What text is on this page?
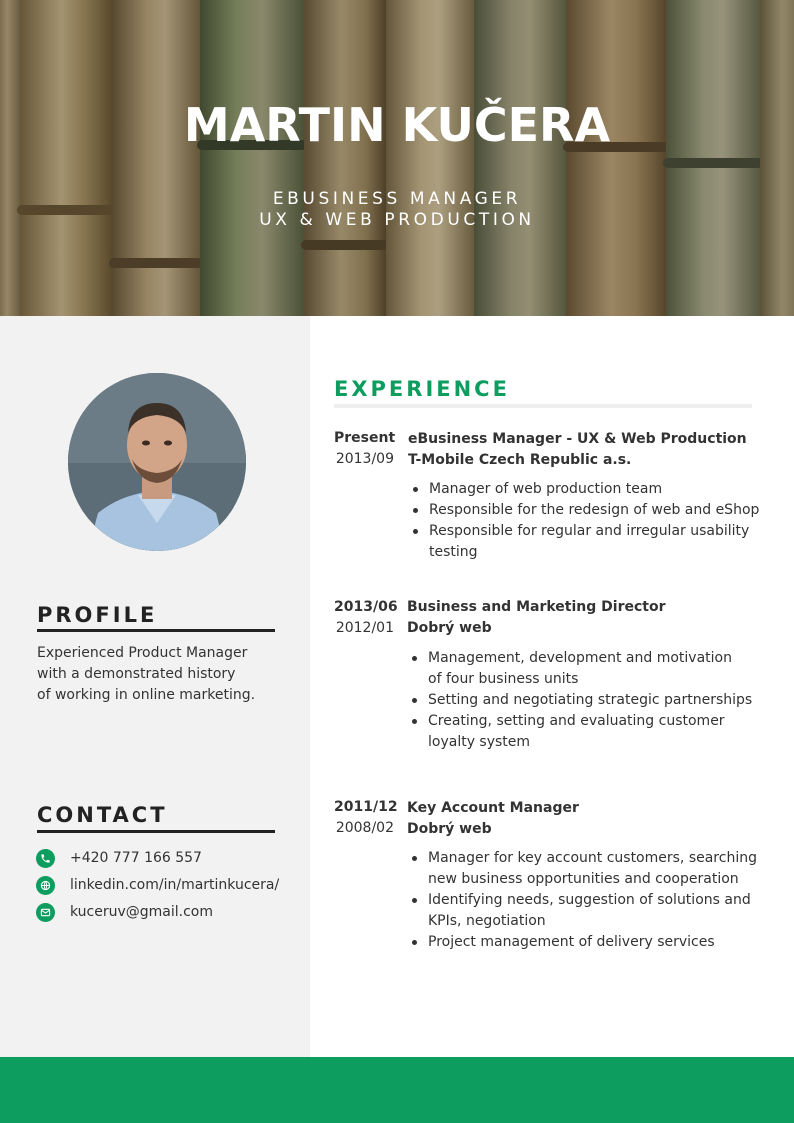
MARTIN KUČERA
EBUSINESS MANAGER
UX & WEB PRODUCTION
PROFILE
Experienced Product Manager
with a demonstrated history
of working in online marketing.
CONTACT
+420 777 166 557
linkedin.com/in/martinkucera/
kuceruv@gmail.com
EXPERIENCE
Present
2013/09
eBusiness Manager - UX & Web Production
T-Mobile Czech Republic a.s.
Manager of web production team
Responsible for the redesign of web and eShop
Responsible for regular and irregular usability
testing
2013/06
2012/01
Business and Marketing Director
Dobrý web
Management, development and motivation
of four business units
Setting and negotiating strategic partnerships
Creating, setting and evaluating customer
loyalty system
2011/12
2008/02
Key Account Manager
Dobrý web
Manager for key account customers, searching
new business opportunities and cooperation
Identifying needs, suggestion of solutions and
KPIs, negotiation
Project management of delivery services
